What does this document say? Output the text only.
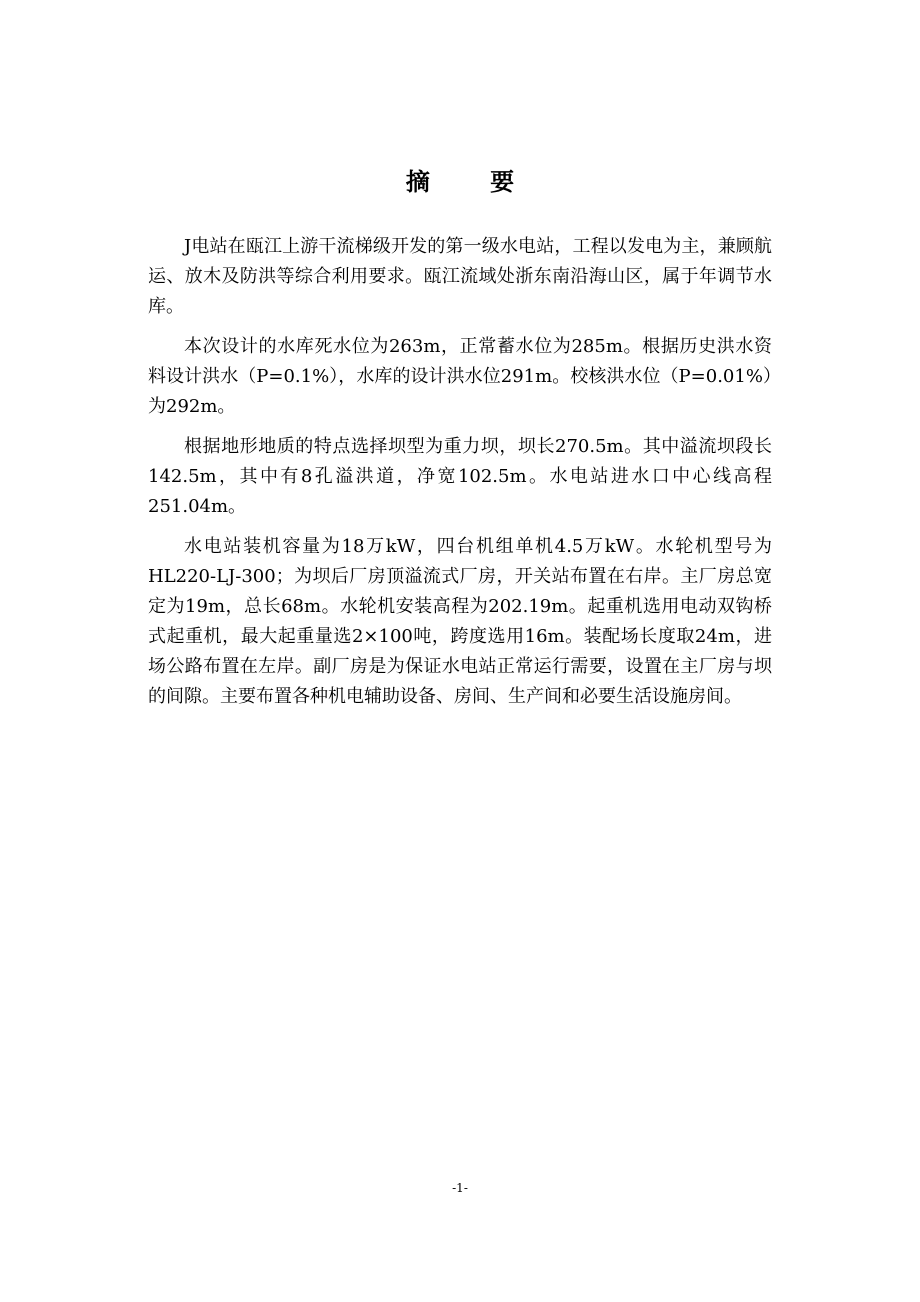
摘 要

J电站在瓯江上游干流梯级开发的第一级水电站，工程以发电为主，兼顾航运、放木及防洪等综合利用要求。瓯江流域处浙东南沿海山区，属于年调节水库。

本次设计的水库死水位为263m，正常蓄水位为285m。根据历史洪水资料设计洪水（P=0.1%），水库的设计洪水位291m。校核洪水位（P=0.01%）为292m。

根据地形地质的特点选择坝型为重力坝，坝长270.5m。其中溢流坝段长142.5m，其中有8孔溢洪道，净宽102.5m。水电站进水口中心线高程251.04m。

水电站装机容量为18万kW，四台机组单机4.5万kW。水轮机型号为HL220-LJ-300；为坝后厂房顶溢流式厂房，开关站布置在右岸。主厂房总宽定为19m，总长68m。水轮机安装高程为202.19m。起重机选用电动双钩桥式起重机，最大起重量选2×100吨，跨度选用16m。装配场长度取24m，进场公路布置在左岸。副厂房是为保证水电站正常运行需要，设置在主厂房与坝的间隙。主要布置各种机电辅助设备、房间、生产间和必要生活设施房间。

-1-
